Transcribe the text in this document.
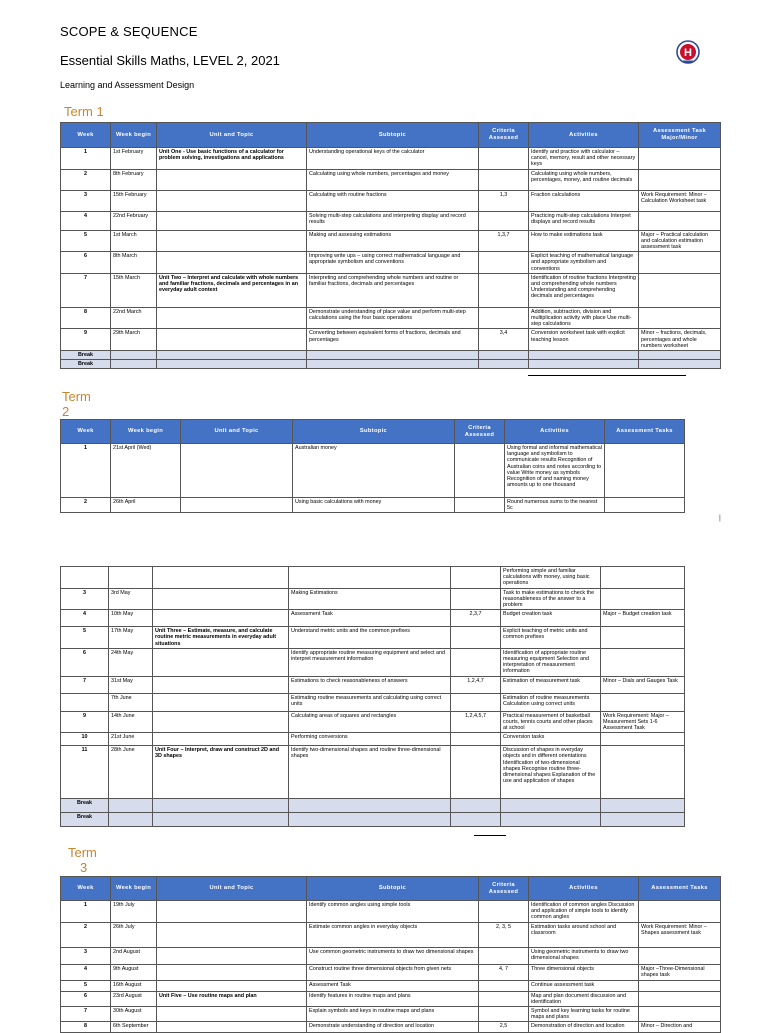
SCOPE & SEQUENCE
Essential Skills Maths, LEVEL 2, 2021
Learning and Assessment Design
H
Term 1
Week	Week begin	Unit and Topic	Subtopic	Criteria Assessed	Activities	Assessment Task Major/Minor
1	1st February	Unit One - Use basic functions of a calculator for problem solving, investigations and applications	Understanding operational keys of the calculator		Identify and practice with calculator – cancel, memory, result and other necessary keys	
2	8th February		Calculating using whole numbers, percentages and money		Calculating using whole numbers, percentages, money, and routine decimals	
3	15th February		Calculating with routine fractions	1,3	Fraction calculations	Work Requirement: Minor – Calculation Worksheet task
4	22nd February		Solving multi-step calculations and interpreting display and record results		Practicing multi-step calculations Interpret displays and record results	
5	1st March		Making and assessing estimations	1,3,7	How to make estimations task	Major – Practical calculation and calculation estimation assessment task
6	8th March		Improving write ups – using correct mathematical language and appropriate symbolism and conventions		Explicit teaching of mathematical language and appropriate symbolism and conventions	
7	15th March	Unit Two – Interpret and calculate with whole numbers and familiar fractions, decimals and percentages in an everyday adult context	Interpreting and comprehending whole numbers and routine or familiar fractions, decimals and percentages		Identification of routine fractions Interpreting and comprehending whole numbers Understanding and comprehending decimals and percentages	
8	22nd March		Demonstrate understanding of place value and perform multi-step calculations using the four basic operations		Addition, subtraction, division and multiplication activity with place Use multi-step calculations	
9	29th March		Converting between equivalent forms of fractions, decimals and percentages	3,4	Conversion worksheet task with explicit teaching lesson	Minor – fractions, decimals, percentages and whole numbers worksheet
Break						
Break						
Term
2
Week	Week begin	Unit and Topic	Subtopic	Criteria Assessed	Activities	Assessment Tasks
1	21st April (Wed)		Australian money		Using formal and informal mathematical language and symbolism to communicate results Recognition of Australian coins and notes according to value Write money as symbols Recognition of and naming money amounts up to one thousand	
2	26th April		Using basic calculations with money		Round numerous sums to the nearest 5c	
|
					Performing simple and familiar calculations with money, using basic operations	
3	3rd May		Making Estimations		Task to make estimations to check the reasonableness of the answer to a problem	
4	10th May		Assessment Task	2,3,7	Budget creation task	Major – Budget creation task
5	17th May	Unit Three – Estimate, measure, and calculate routine metric measurements in everyday adult situations	Understand metric units and the common prefixes		Explicit teaching of metric units and common prefixes	
6	24th May		Identify appropriate routine measuring equipment and select and interpret measurement information		Identification of appropriate routine measuring equipment Selection and interpretation of measurement information	
7	31st May		Estimations to check reasonableness of answers	1,2,4,7	Estimation of measurement task	Minor – Dials and Gauges Task
	7th June		Estimating routine measurements and calculating using correct units		Estimation of routine measurements Calculation using correct units	
9	14th June		Calculating areas of squares and rectangles	1,2,4,5,7	Practical measurement of basketball courts, tennis courts and other places at school	Work Requirement: Major – Measurement Sets 1-6 Assessment Task
10	21st June		Performing conversions		Conversion tasks	
11	28th June	Unit Four – Interpret, draw and construct 2D and 3D shapes	Identify two-dimensional shapes and routine three-dimensional shapes		Discussion of shapes in everyday objects and in different orientations Identification of two-dimensional shapes Recognise routine three-dimensional shapes Explanation of the use and application of shapes	
Break						
Break						
Term
3
Week	Week begin	Unit and Topic	Subtopic	Criteria Assessed	Activities	Assessment Tasks
1	19th July		Identify common angles using simple tools		Identification of common angles Discussion and application of simple tools to identify common angles	
2	26th July		Estimate common angles in everyday objects	2, 3, 5	Estimation tasks around school and classroom	Work Requirement: Minor – Shapes assessment task
3	2nd August		Use common geometric instruments to draw two dimensional shapes		Using geometric instruments to draw two dimensional shapes	
4	9th August		Construct routine three dimensional objects from given nets	4, 7	Three dimensional objects	Major –Three-Dimensional shapes task
5	16th August		Assessment Task		Continue assessment task	
6	23rd August	Unit Five – Use routine maps and plan	Identify features in routine maps and plans		Map and plan document discussion and identification	
7	30th August		Explain symbols and keys in routine maps and plans		Symbol and key learning tasks for routine maps and plans	
8	6th September		Demonstrate understanding of direction and location	2,5	Demonstration of direction and location	Minor – Direction and
